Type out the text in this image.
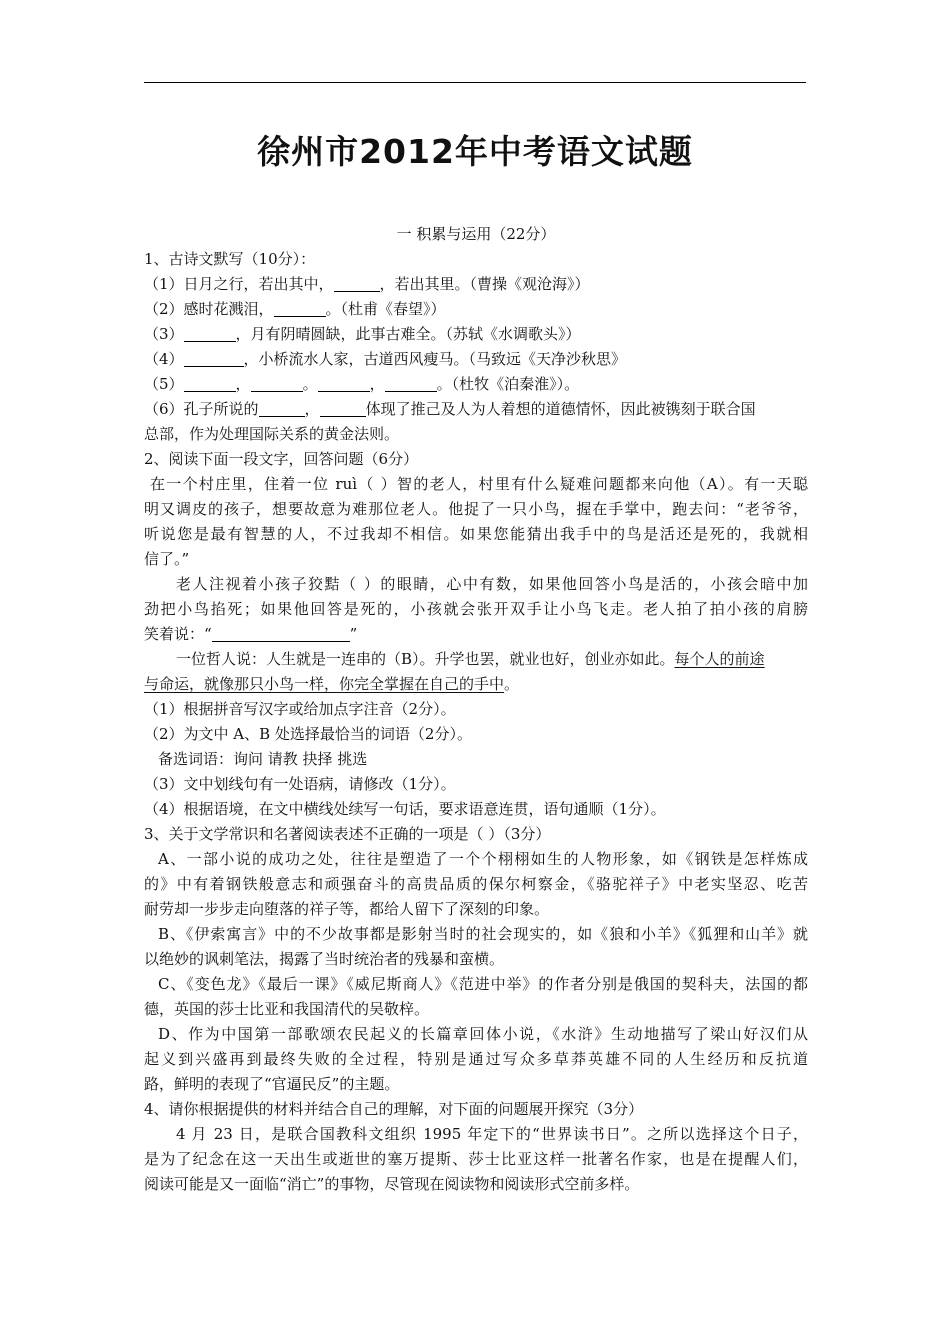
徐州市2012年中考语文试题
一 积累与运用（22分）
1、古诗文默写（10分）：
（1）日月之行，若出其中，	，若出其里。（曹操《观沧海》）
（2）感时花溅泪，	。（杜甫《春望》）
（3）	，月有阴晴圆缺，此事古难全。（苏轼《水调歌头》）
（4）	，小桥流水人家，古道西风瘦马。（马致远《天净沙秋思》
（5）	，	。	，	。（杜牧《泊秦淮》）。
（6）孔子所说的	，	体现了推己及人为人着想的道德情怀，因此被镌刻于联合国
总部，作为处理国际关系的黄金法则。
2、阅读下面一段文字，回答问题（6分）
在一个村庄里，住着一位 ruì（ ）智的老人，村里有什么疑难问题都来向他（A）。有一天聪
明又调皮的孩子，想要故意为难那位老人。他捉了一只小鸟，握在手掌中，跑去问：“老爷爷，
听说您是最有智慧的人，不过我却不相信。如果您能猜出我手中的鸟是活还是死的，我就相
信了。”
老人注视着小孩子狡黠（ ）的眼睛，心中有数，如果他回答小鸟是活的，小孩会暗中加
劲把小鸟掐死；如果他回答是死的，小孩就会张开双手让小鸟飞走。老人拍了拍小孩的肩膀
笑着说：“	”
一位哲人说：人生就是一连串的（B）。升学也罢，就业也好，创业亦如此。每个人的前途
与命运，就像那只小鸟一样，你完全掌握在自己的手中。
（1）根据拼音写汉字或给加点字注音（2分）。
（2）为文中 A、B 处选择最恰当的词语（2分）。
备选词语：询问 请教 抉择 挑选
（3）文中划线句有一处语病，请修改（1分）。
（4）根据语境，在文中横线处续写一句话，要求语意连贯，语句通顺（1分）。
3、关于文学常识和名著阅读表述不正确的一项是（ ）（3分）
A、一部小说的成功之处，往往是塑造了一个个栩栩如生的人物形象，如《钢铁是怎样炼成
的》中有着钢铁般意志和顽强奋斗的高贵品质的保尔柯察金，《骆驼祥子》中老实坚忍、吃苦
耐劳却一步步走向堕落的祥子等，都给人留下了深刻的印象。
B、《伊索寓言》中的不少故事都是影射当时的社会现实的，如《狼和小羊》《狐狸和山羊》就
以绝妙的讽刺笔法，揭露了当时统治者的残暴和蛮横。
C、《变色龙》《最后一课》《威尼斯商人》《范进中举》的作者分别是俄国的契科夫，法国的都
德，英国的莎士比亚和我国清代的吴敬梓。
D、作为中国第一部歌颂农民起义的长篇章回体小说，《水浒》生动地描写了梁山好汉们从
起义到兴盛再到最终失败的全过程，特别是通过写众多草莽英雄不同的人生经历和反抗道
路，鲜明的表现了“官逼民反”的主题。
4、请你根据提供的材料并结合自己的理解，对下面的问题展开探究（3分）
4 月 23 日，是联合国教科文组织 1995 年定下的“世界读书日”。之所以选择这个日子，
是为了纪念在这一天出生或逝世的塞万提斯、莎士比亚这样一批著名作家，也是在提醒人们，
阅读可能是又一面临“消亡”的事物，尽管现在阅读物和阅读形式空前多样。
